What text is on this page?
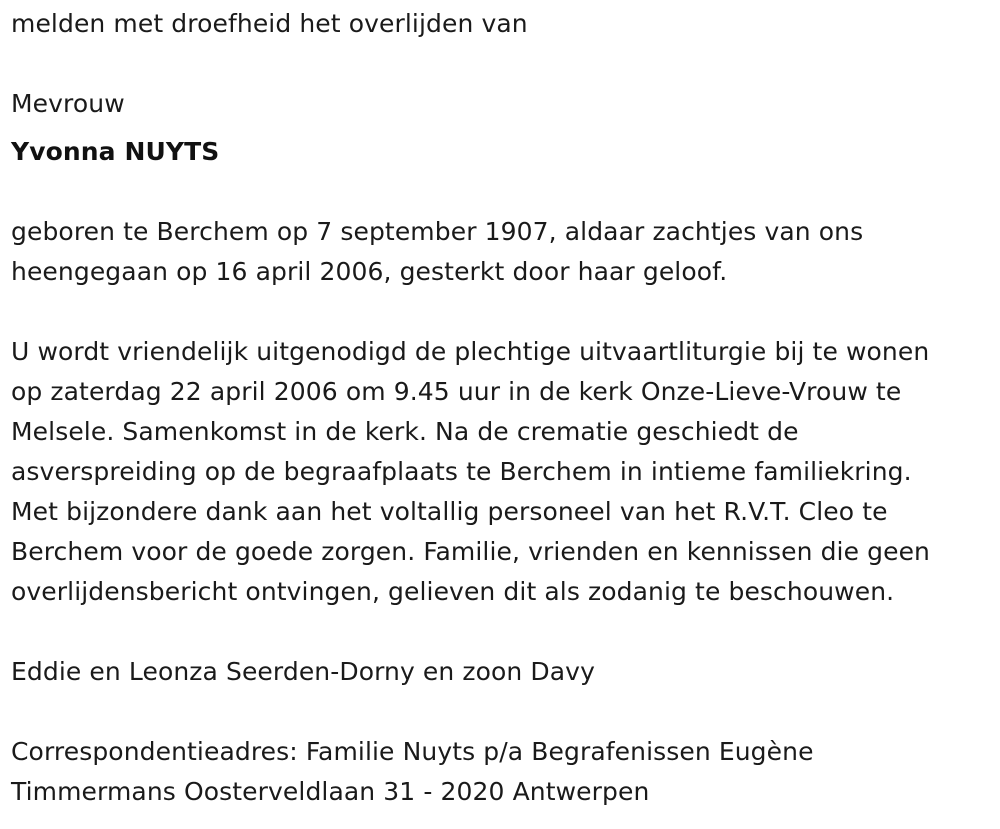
melden met droefheid het overlijden van

Mevrouw

Yvonna NUYTS

geboren te Berchem op 7 september 1907, aldaar zachtjes van ons

heengegaan op 16 april 2006, gesterkt door haar geloof.

U wordt vriendelijk uitgenodigd de plechtige uitvaartliturgie bij te wonen

op zaterdag 22 april 2006 om 9.45 uur in de kerk Onze-Lieve-Vrouw te

Melsele. Samenkomst in de kerk. Na de crematie geschiedt de

asverspreiding op de begraafplaats te Berchem in intieme familiekring.

Met bijzondere dank aan het voltallig personeel van het R.V.T. Cleo te

Berchem voor de goede zorgen. Familie, vrienden en kennissen die geen

overlijdensbericht ontvingen, gelieven dit als zodanig te beschouwen.

Eddie en Leonza Seerden-Dorny en zoon Davy

Correspondentieadres: Familie Nuyts p/a Begrafenissen Eugène

Timmermans Oosterveldlaan 31 - 2020 Antwerpen
